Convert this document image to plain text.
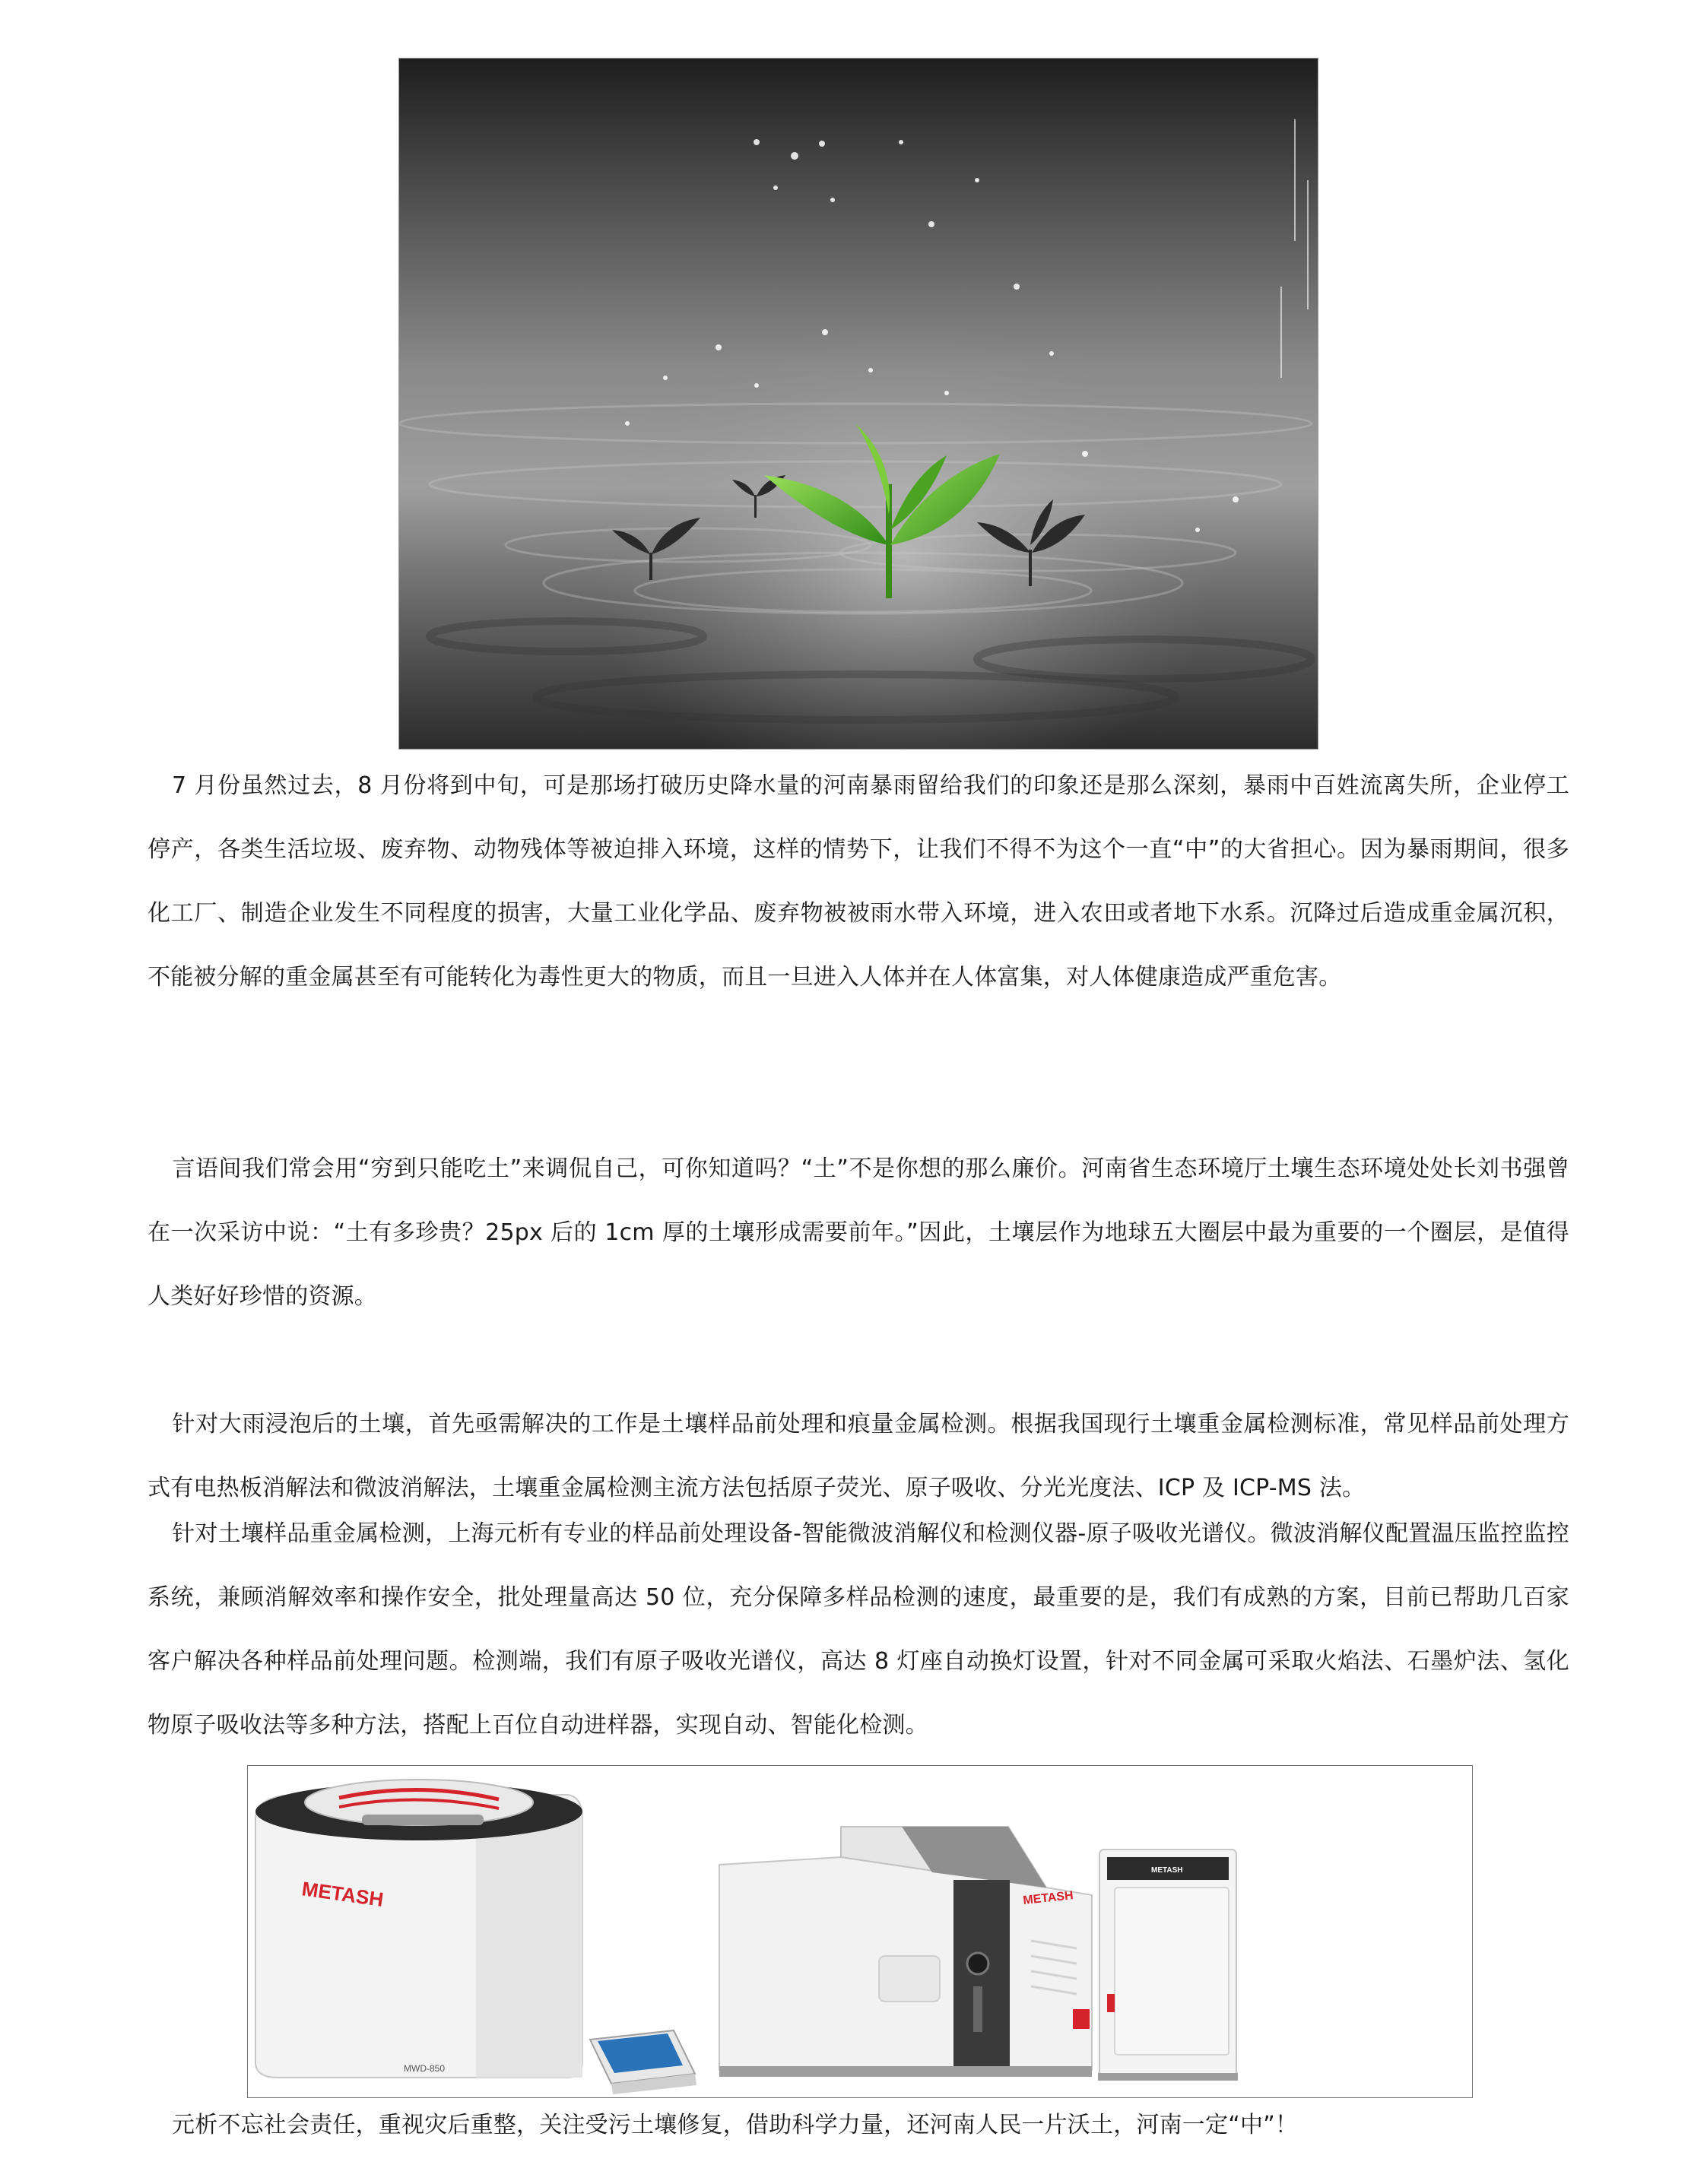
7 月份虽然过去，8 月份将到中旬，可是那场打破历史降水量的河南暴雨留给我们的印象还是那么深刻，暴雨中百姓流离失所，企业停工停产，各类生活垃圾、废弃物、动物残体等被迫排入环境，这样的情势下，让我们不得不为这个一直“中”的大省担心。因为暴雨期间，很多化工厂、制造企业发生不同程度的损害，大量工业化学品、废弃物被被雨水带入环境，进入农田或者地下水系。沉降过后造成重金属沉积，不能被分解的重金属甚至有可能转化为毒性更大的物质，而且一旦进入人体并在人体富集，对人体健康造成严重危害。

言语间我们常会用“穷到只能吃土”来调侃自己，可你知道吗？“土”不是你想的那么廉价。河南省生态环境厅土壤生态环境处处长刘书强曾在一次采访中说：“土有多珍贵？25px 后的 1cm 厚的土壤形成需要前年。”因此，土壤层作为地球五大圈层中最为重要的一个圈层，是值得人类好好珍惜的资源。

针对大雨浸泡后的土壤，首先亟需解决的工作是土壤样品前处理和痕量金属检测。根据我国现行土壤重金属检测标准，常见样品前处理方式有电热板消解法和微波消解法，土壤重金属检测主流方法包括原子荧光、原子吸收、分光光度法、ICP 及 ICP-MS 法。

针对土壤样品重金属检测，上海元析有专业的样品前处理设备-智能微波消解仪和检测仪器-原子吸收光谱仪。微波消解仪配置温压监控监控系统，兼顾消解效率和操作安全，批处理量高达 50 位，充分保障多样品检测的速度，最重要的是，我们有成熟的方案，目前已帮助几百家客户解决各种样品前处理问题。检测端，我们有原子吸收光谱仪，高达 8 灯座自动换灯设置，针对不同金属可采取火焰法、石墨炉法、氢化物原子吸收法等多种方法，搭配上百位自动进样器，实现自动、智能化检测。

METASH
MWD-850
METASH
METASH

元析不忘社会责任，重视灾后重整，关注受污土壤修复，借助科学力量，还河南人民一片沃土，河南一定“中”！
